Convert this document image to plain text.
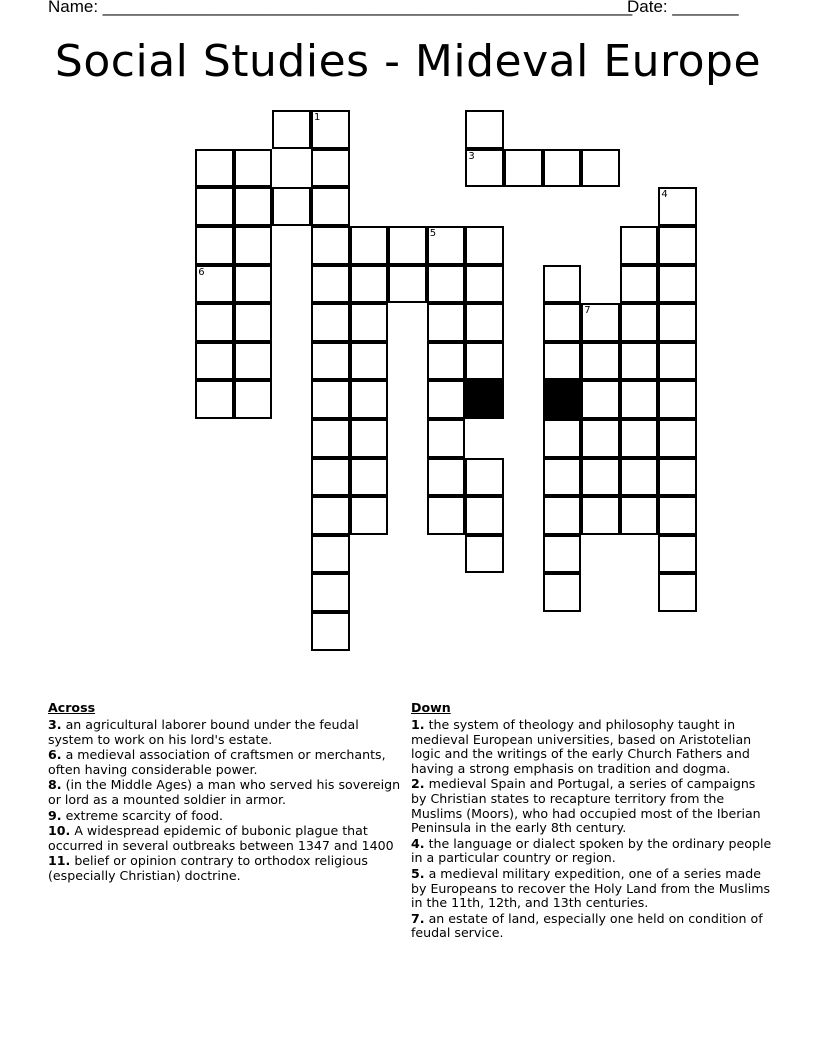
Name: ________________________________________________________
Date: _______
Social Studies - Mideval Europe
3
1
5
4
7
6
Across
3. an agricultural laborer bound under the feudal system to work on his lord's estate.
6. a medieval association of craftsmen or merchants, often having considerable power.
8. (in the Middle Ages) a man who served his sovereign or lord as a mounted soldier in armor.
9. extreme scarcity of food.
10. A widespread epidemic of bubonic plague that occurred in several outbreaks between 1347 and 1400
11. belief or opinion contrary to orthodox religious (especially Christian) doctrine.
Down
1. the system of theology and philosophy taught in medieval European universities, based on Aristotelian logic and the writings of the early Church Fathers and having a strong emphasis on tradition and dogma.
2. medieval Spain and Portugal, a series of campaigns by Christian states to recapture territory from the Muslims (Moors), who had occupied most of the Iberian Peninsula in the early 8th century.
4. the language or dialect spoken by the ordinary people in a particular country or region.
5. a medieval military expedition, one of a series made by Europeans to recover the Holy Land from the Muslims in the 11th, 12th, and 13th centuries.
7. an estate of land, especially one held on condition of feudal service.
